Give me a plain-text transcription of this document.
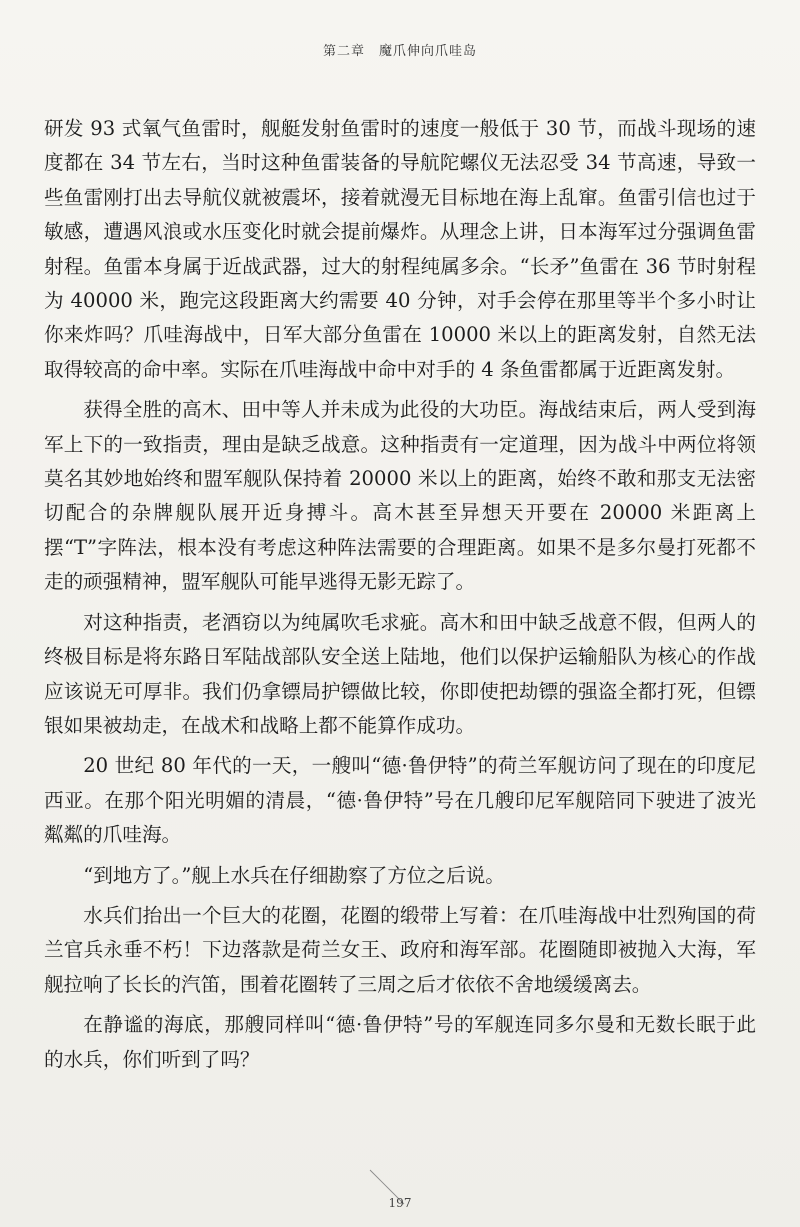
第二章　魔爪伸向爪哇岛

研发 93 式氧气鱼雷时，舰艇发射鱼雷时的速度一般低于 30 节，而战斗现场的速度都在 34 节左右，当时这种鱼雷装备的导航陀螺仪无法忍受 34 节高速，导致一些鱼雷刚打出去导航仪就被震坏，接着就漫无目标地在海上乱窜。鱼雷引信也过于敏感，遭遇风浪或水压变化时就会提前爆炸。从理念上讲，日本海军过分强调鱼雷射程。鱼雷本身属于近战武器，过大的射程纯属多余。“长矛”鱼雷在 36 节时射程为 40000 米，跑完这段距离大约需要 40 分钟，对手会停在那里等半个多小时让你来炸吗？爪哇海战中，日军大部分鱼雷在 10000 米以上的距离发射，自然无法取得较高的命中率。实际在爪哇海战中命中对手的 4 条鱼雷都属于近距离发射。

获得全胜的高木、田中等人并未成为此役的大功臣。海战结束后，两人受到海军上下的一致指责，理由是缺乏战意。这种指责有一定道理，因为战斗中两位将领莫名其妙地始终和盟军舰队保持着 20000 米以上的距离，始终不敢和那支无法密切配合的杂牌舰队展开近身搏斗。高木甚至异想天开要在 20000 米距离上摆“T”字阵法，根本没有考虑这种阵法需要的合理距离。如果不是多尔曼打死都不走的顽强精神，盟军舰队可能早逃得无影无踪了。

对这种指责，老酒窃以为纯属吹毛求疵。高木和田中缺乏战意不假，但两人的终极目标是将东路日军陆战部队安全送上陆地，他们以保护运输船队为核心的作战应该说无可厚非。我们仍拿镖局护镖做比较，你即使把劫镖的强盗全都打死，但镖银如果被劫走，在战术和战略上都不能算作成功。

20 世纪 80 年代的一天，一艘叫“德·鲁伊特”的荷兰军舰访问了现在的印度尼西亚。在那个阳光明媚的清晨，“德·鲁伊特”号在几艘印尼军舰陪同下驶进了波光粼粼的爪哇海。

“到地方了。”舰上水兵在仔细勘察了方位之后说。

水兵们抬出一个巨大的花圈，花圈的缎带上写着：在爪哇海战中壮烈殉国的荷兰官兵永垂不朽！下边落款是荷兰女王、政府和海军部。花圈随即被抛入大海，军舰拉响了长长的汽笛，围着花圈转了三周之后才依依不舍地缓缓离去。

在静谧的海底，那艘同样叫“德·鲁伊特”号的军舰连同多尔曼和无数长眠于此的水兵，你们听到了吗？

197
